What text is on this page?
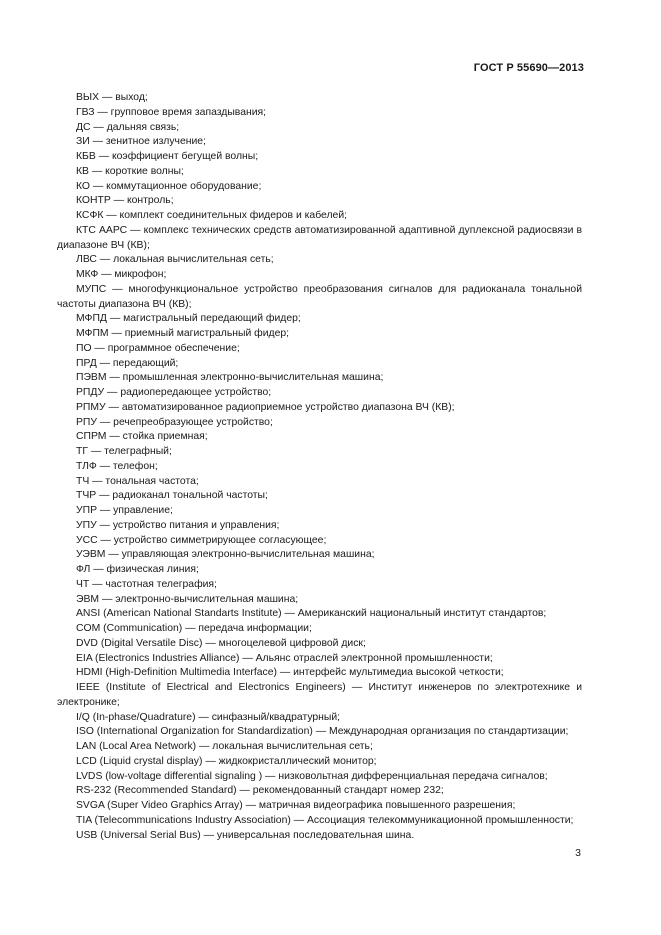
ГОСТ Р 55690—2013

ВЫХ — выход;

ГВЗ — групповое время запаздывания;

ДС — дальняя связь;

ЗИ — зенитное излучение;

КБВ — коэффициент бегущей волны;

КВ — короткие волны;

КО — коммутационное оборудование;

КОНТР — контроль;

КСФК — комплект соединительных фидеров и кабелей;

КТС ААРС — комплекс технических средств автоматизированной адаптивной дуплексной радиосвязи в диапазоне ВЧ (КВ);

ЛВС — локальная вычислительная сеть;

МКФ — микрофон;

МУПС — многофункциональное устройство преобразования сигналов для радиоканала тональной частоты диапазона ВЧ (КВ);

МФПД — магистральный передающий фидер;

МФПМ — приемный магистральный фидер;

ПО — программное обеспечение;

ПРД — передающий;

ПЭВМ — промышленная электронно-вычислительная машина;

РПДУ — радиопередающее устройство;

РПМУ — автоматизированное радиоприемное устройство диапазона ВЧ (КВ);

РПУ — речепреобразующее устройство;

СПРМ — стойка приемная;

ТГ — телеграфный;

ТЛФ — телефон;

ТЧ — тональная частота;

ТЧР — радиоканал тональной частоты;

УПР — управление;

УПУ — устройство питания и управления;

УСС — устройство симметрирующее согласующее;

УЭВМ — управляющая электронно-вычислительная машина;

ФЛ — физическая линия;

ЧТ — частотная телеграфия;

ЭВМ — электронно-вычислительная машина;

ANSI (American National Standarts Institute) — Американский национальный институт стандартов;

COM (Communication) — передача информации;

DVD (Digital Versatile Disc) — многоцелевой цифровой диск;

EIA (Electronics Industries Alliance) — Альянс отраслей электронной промышленности;

HDMI (High-Definition Multimedia Interface) — интерфейс мультимедиа высокой четкости;

IEEE (Institute of Electrical and Electronics Engineers) — Институт инженеров по электротехнике и электронике;

I/Q (In-phase/Quadrature) — синфазный/квадратурный;

ISO (International Organization for Standardization) — Международная организация по стандартизации;

LAN (Local Area Network) — локальная вычислительная сеть;

LCD (Liquid crystal display) — жидкокристаллический монитор;

LVDS (low-voltage differential signaling ) — низковольтная дифференциальная передача сигналов;

RS-232 (Recommended Standard) — рекомендованный стандарт номер 232;

SVGA (Super Video Graphics Array) — матричная видеографика повышенного разрешения;

TIA (Telecommunications Industry Association) — Ассоциация телекоммуникационной промышленности;

USB (Universal Serial Bus) — универсальная последовательная шина.

3
